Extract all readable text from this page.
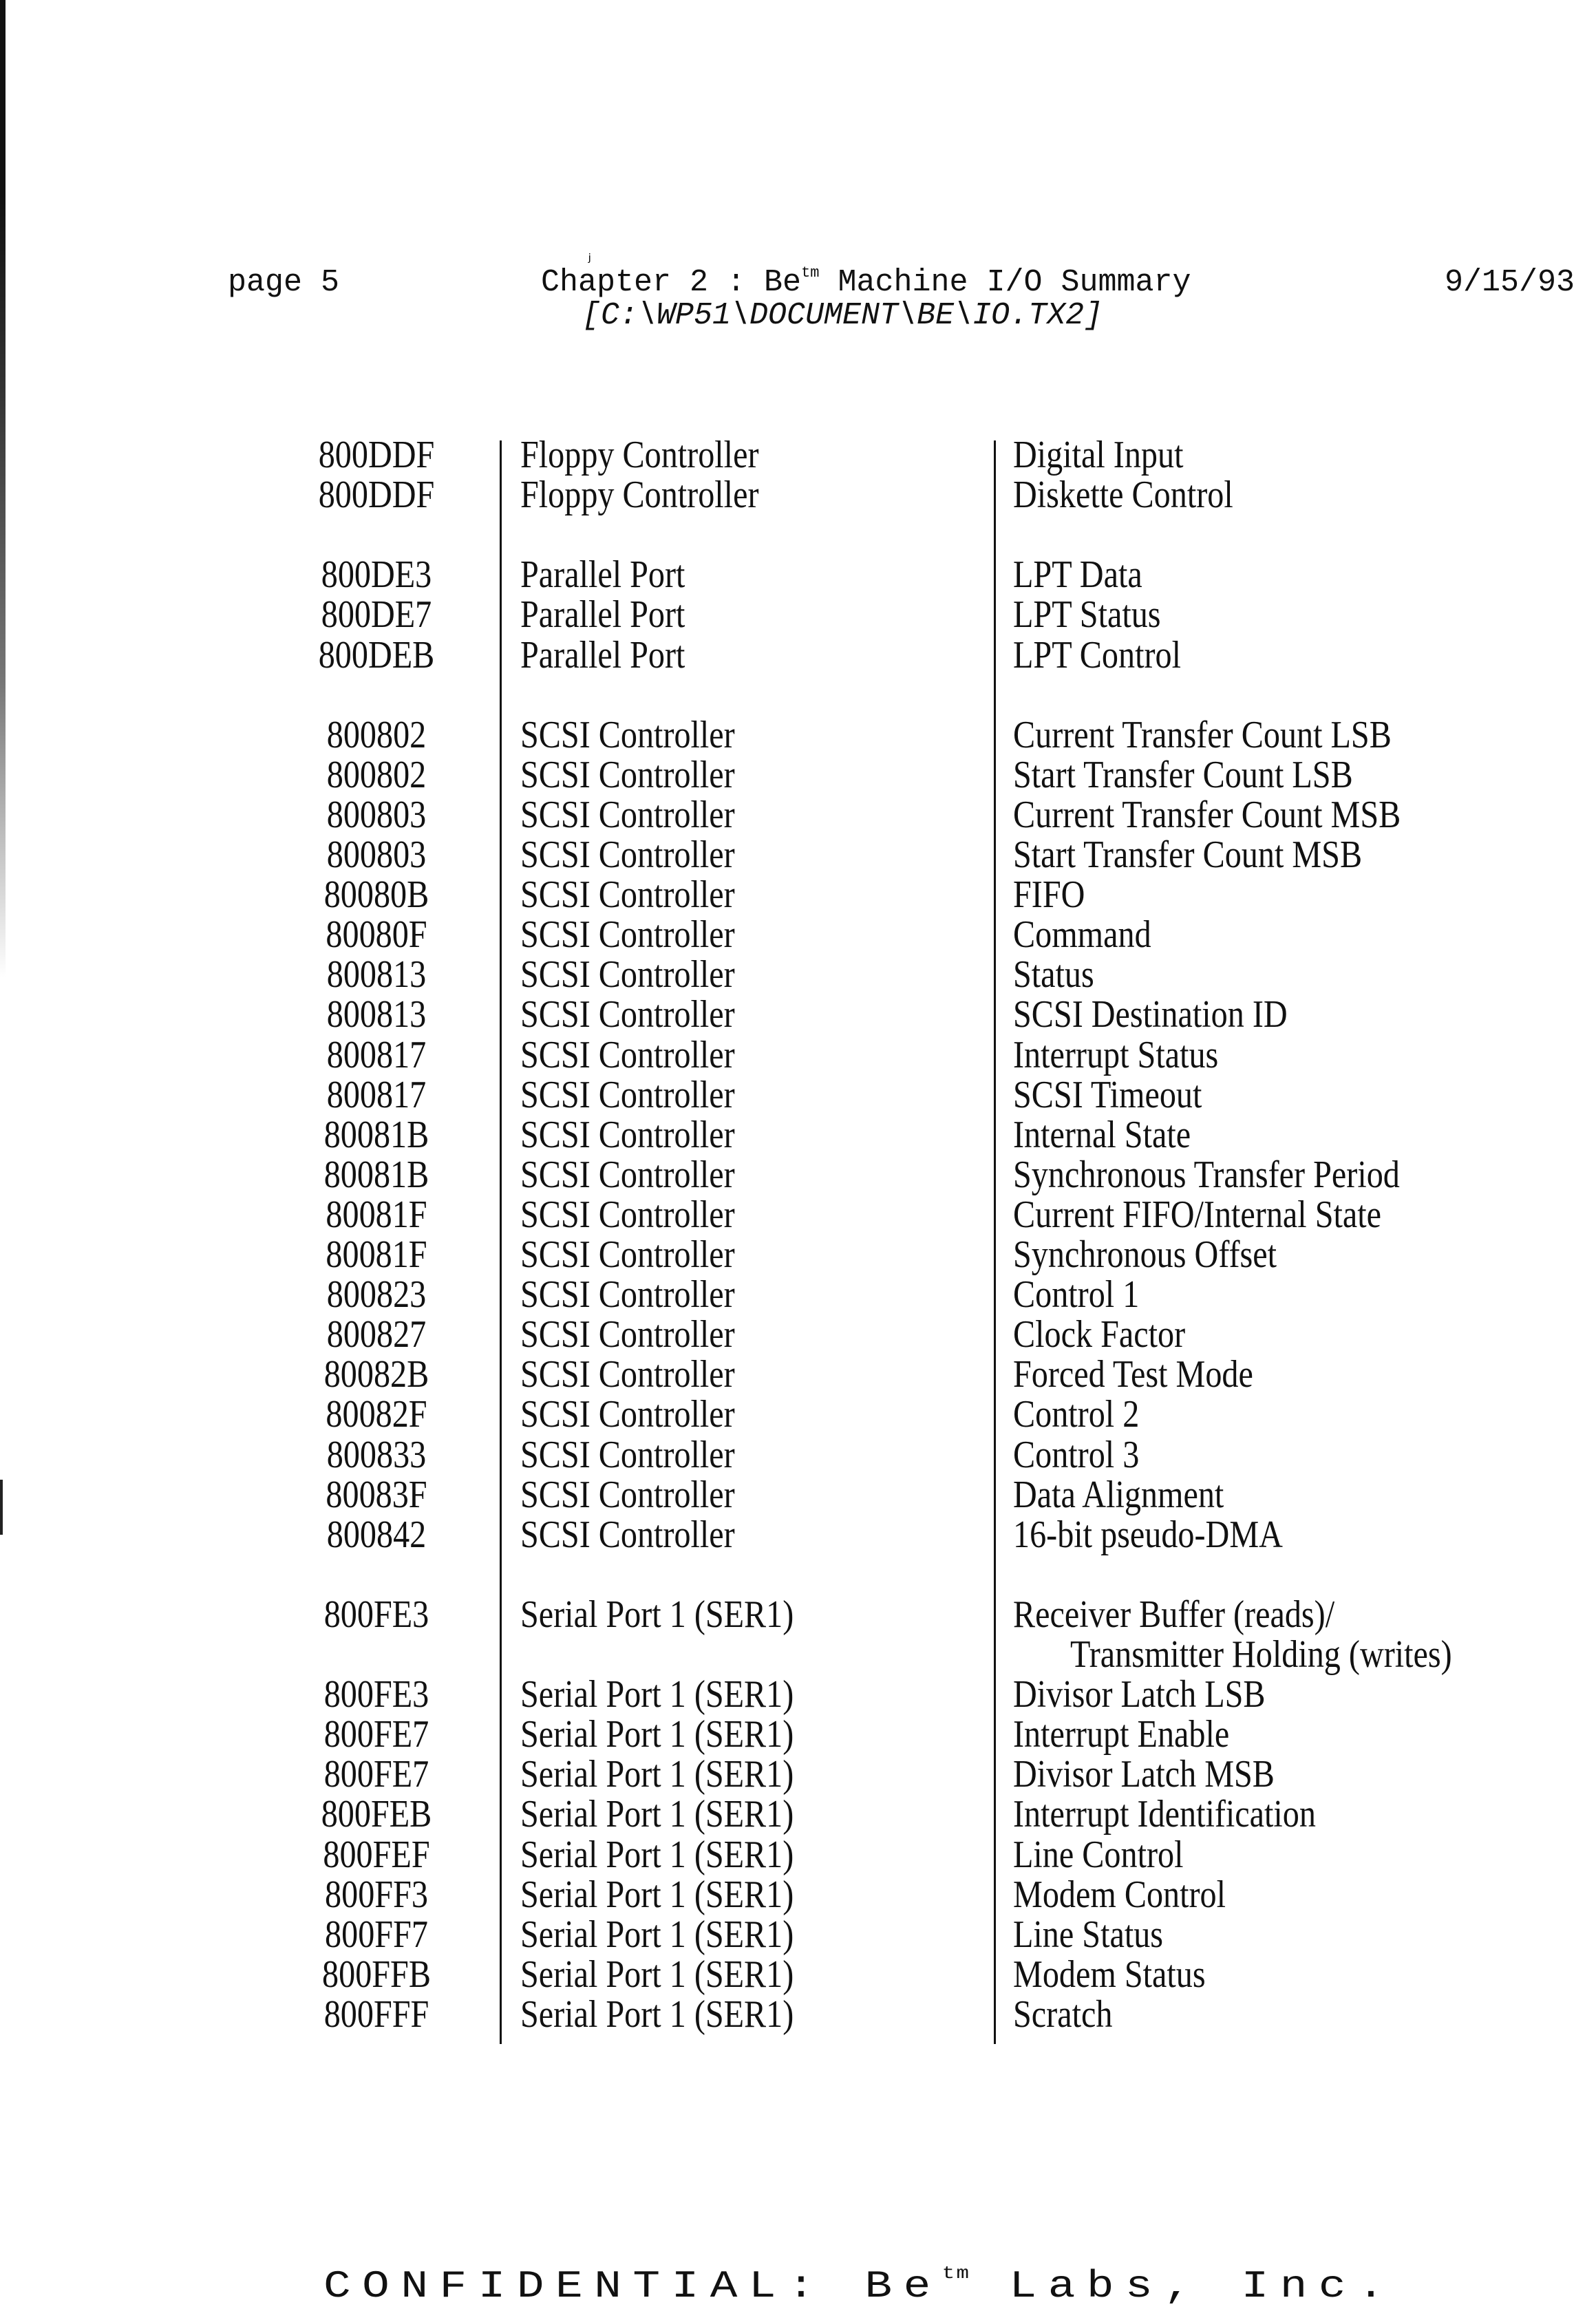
page 5
ⱼ
Chapter 2 : $Be^{tm}$ Machine I/O Summary	9/15/93
[C:\WP51\DOCUMENT\BE\IO.TX2]
800DDF Floppy Controller	Digital Input
800DDF Floppy Controller	Diskette Control
800DE3 Parallel Port	LPT Data
800DE7 Parallel Port	LPT Status
800DEB Parallel Port	LPT Control
800802 SCSI Controller	Current Transfer Count LSB
800802 SCSI Controller	Start Transfer Count LSB
800803 SCSI Controller	Current Transfer Count MSB
800803 SCSI Controller	Start Transfer Count MSB
80080B SCSI Controller	FIFO
80080F SCSI Controller	Command
800813 SCSI Controller	Status
800813 SCSI Controller	SCSI Destination ID
800817 SCSI Controller	Interrupt Status
800817 SCSI Controller	SCSI Timeout
80081B SCSI Controller	Internal State
80081B SCSI Controller	Synchronous Transfer Period
80081F SCSI Controller	Current FIFO/Internal State
80081F SCSI Controller	Synchronous Offset
800823 SCSI Controller	Control 1
800827 SCSI Controller	Clock Factor
80082B SCSI Controller	Forced Test Mode
80082F SCSI Controller	Control 2
800833 SCSI Controller	Control 3
80083F SCSI Controller	Data Alignment
800842 SCSI Controller	16-bit pseudo-DMA
800FE3 Serial Port 1 (SER1)	Receiver Buffer (reads)/
Transmitter Holding (writes)
800FE3 Serial Port 1 (SER1)	Divisor Latch LSB
800FE7 Serial Port 1 (SER1)	Interrupt Enable
800FE7 Serial Port 1 (SER1)	Divisor Latch MSB
800FEB Serial Port 1 (SER1)	Interrupt Identification
800FEF Serial Port 1 (SER1)	Line Control
800FF3 Serial Port 1 (SER1)	Modem Control
800FF7 Serial Port 1 (SER1)	Line Status
800FFB Serial Port 1 (SER1)	Modem Status
800FFF Serial Port 1 (SER1)	Scratch
CONFIDENTIAL: $Be^{tm}$ Labs, Inc.
